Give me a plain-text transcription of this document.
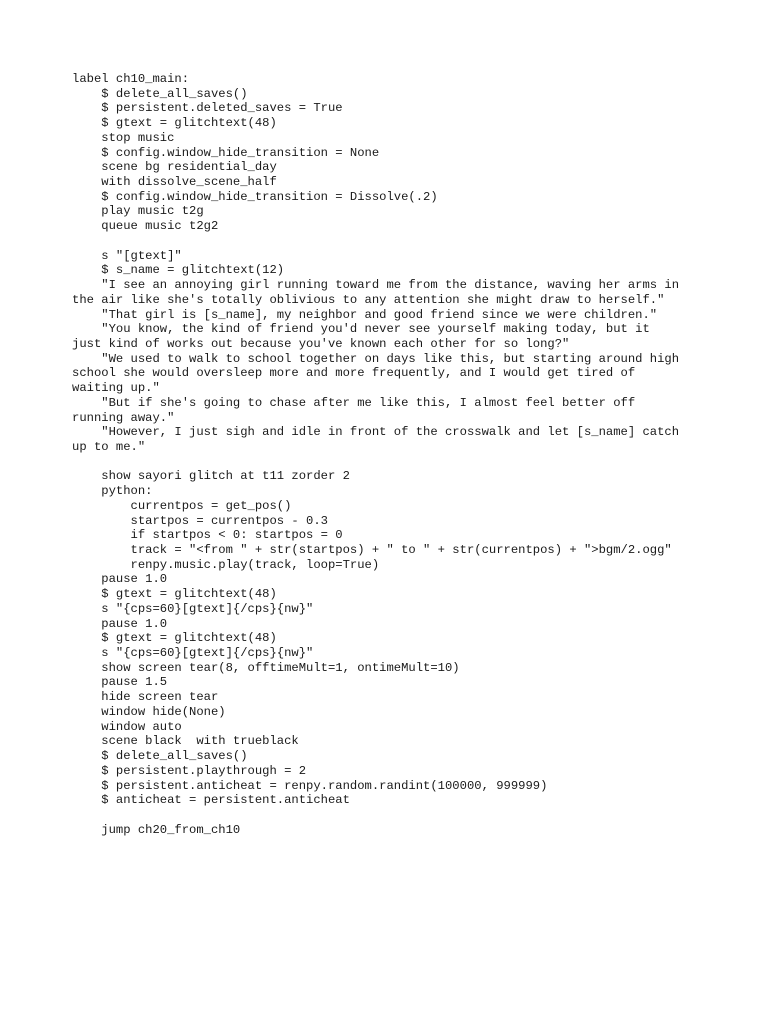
label ch10_main:
$ delete_all_saves()
$ persistent.deleted_saves = True
$ gtext = glitchtext(48)
stop music
$ config.window_hide_transition = None
scene bg residential_day
with dissolve_scene_half
$ config.window_hide_transition = Dissolve(.2)
play music t2g
queue music t2g2
s "[gtext]"
$ s_name = glitchtext(12)
"I see an annoying girl running toward me from the distance, waving her arms in
the air like she's totally oblivious to any attention she might draw to herself."
"That girl is [s_name], my neighbor and good friend since we were children."
"You know, the kind of friend you'd never see yourself making today, but it
just kind of works out because you've known each other for so long?"
"We used to walk to school together on days like this, but starting around high
school she would oversleep more and more frequently, and I would get tired of
waiting up."
"But if she's going to chase after me like this, I almost feel better off
running away."
"However, I just sigh and idle in front of the crosswalk and let [s_name] catch
up to me."
show sayori glitch at t11 zorder 2
python:
currentpos = get_pos()
startpos = currentpos - 0.3
if startpos < 0: startpos = 0
track = "<from " + str(startpos) + " to " + str(currentpos) + ">bgm/2.ogg"
renpy.music.play(track, loop=True)
pause 1.0
$ gtext = glitchtext(48)
s "{cps=60}[gtext]{/cps}{nw}"
pause 1.0
$ gtext = glitchtext(48)
s "{cps=60}[gtext]{/cps}{nw}"
show screen tear(8, offtimeMult=1, ontimeMult=10)
pause 1.5
hide screen tear
window hide(None)
window auto
scene black  with trueblack
$ delete_all_saves()
$ persistent.playthrough = 2
$ persistent.anticheat = renpy.random.randint(100000, 999999)
$ anticheat = persistent.anticheat
jump ch20_from_ch10
